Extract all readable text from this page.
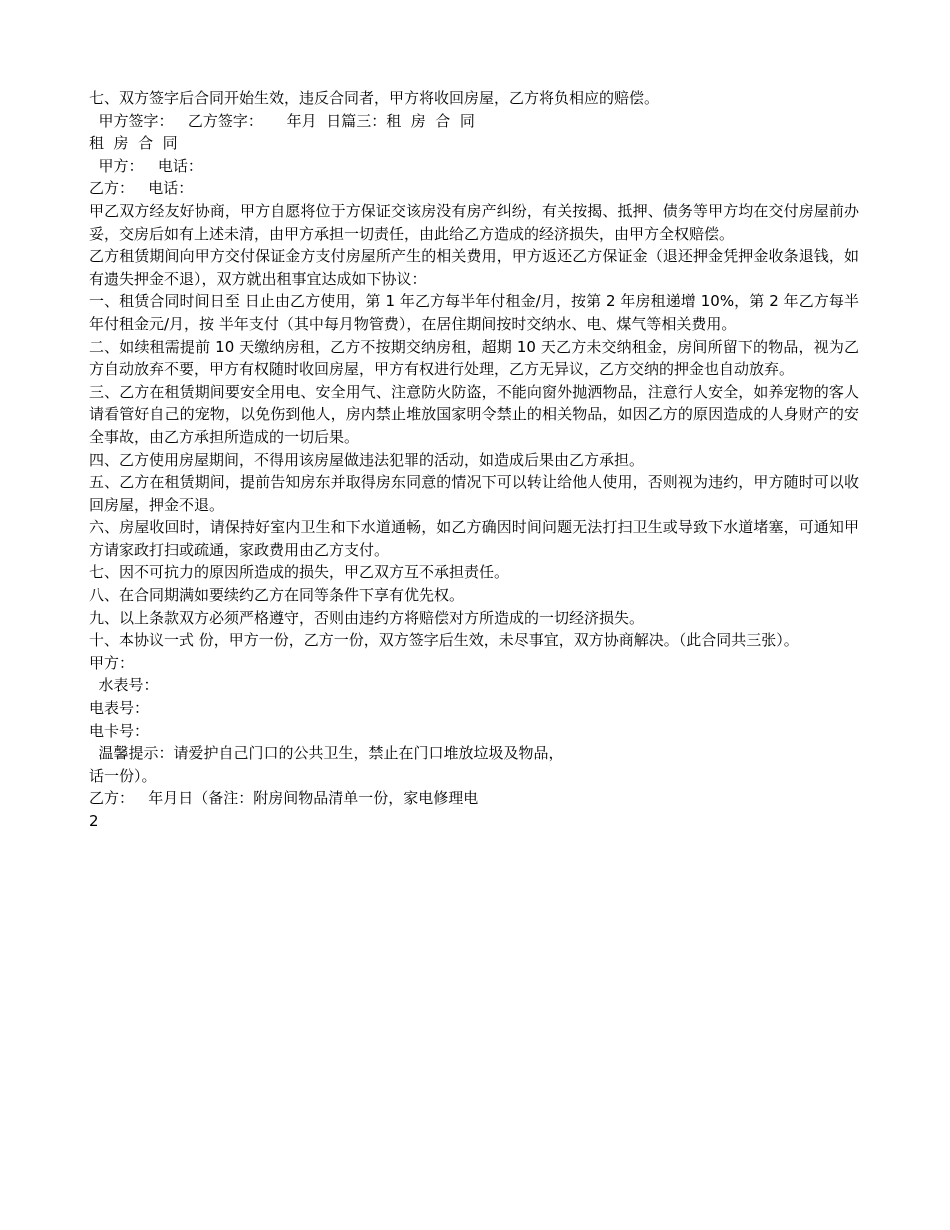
七、双方签字后合同开始生效，违反合同者，甲方将收回房屋，乙方将负相应的赔偿。
甲方签字：   乙方签字：     年月  日篇三：租  房  合  同
租  房  合  同
甲方：   电话：
乙方：   电话：
甲乙双方经友好协商，甲方自愿将位于方保证交该房没有房产纠纷，有关按揭、抵押、债务等甲方均在交付房屋前办妥，交房后如有上述未清，由甲方承担一切责任，由此给乙方造成的经济损失，由甲方全权赔偿。
乙方租赁期间向甲方交付保证金方支付房屋所产生的相关费用，甲方返还乙方保证金（退还押金凭押金收条退钱，如有遗失押金不退），双方就出租事宜达成如下协议：
一、租赁合同时间日至 日止由乙方使用，第 1 年乙方每半年付租金/月，按第 2 年房租递增 10%，第 2 年乙方每半年付租金元/月，按 半年支付（其中每月物管费），在居住期间按时交纳水、电、煤气等相关费用。
二、如续租需提前 10 天缴纳房租，乙方不按期交纳房租，超期 10 天乙方未交纳租金，房间所留下的物品，视为乙方自动放弃不要，甲方有权随时收回房屋，甲方有权进行处理，乙方无异议，乙方交纳的押金也自动放弃。
三、乙方在租赁期间要安全用电、安全用气、注意防火防盗，不能向窗外抛洒物品，注意行人安全，如养宠物的客人请看管好自己的宠物，以免伤到他人，房内禁止堆放国家明令禁止的相关物品，如因乙方的原因造成的人身财产的安全事故，由乙方承担所造成的一切后果。
四、乙方使用房屋期间，不得用该房屋做违法犯罪的活动，如造成后果由乙方承担。
五、乙方在租赁期间，提前告知房东并取得房东同意的情况下可以转让给他人使用，否则视为违约，甲方随时可以收回房屋，押金不退。
六、房屋收回时，请保持好室内卫生和下水道通畅，如乙方确因时间问题无法打扫卫生或导致下水道堵塞，可通知甲方请家政打扫或疏通，家政费用由乙方支付。
七、因不可抗力的原因所造成的损失，甲乙双方互不承担责任。
八、在合同期满如要续约乙方在同等条件下享有优先权。
九、以上条款双方必须严格遵守，否则由违约方将赔偿对方所造成的一切经济损失。
十、本协议一式 份，甲方一份，乙方一份，双方签字后生效，未尽事宜，双方协商解决。（此合同共三张）。
甲方：
水表号：
电表号：
电卡号：
温馨提示：请爱护自己门口的公共卫生，禁止在门口堆放垃圾及物品，
话一份）。
乙方：   年月日（备注：附房间物品清单一份，家电修理电
2
